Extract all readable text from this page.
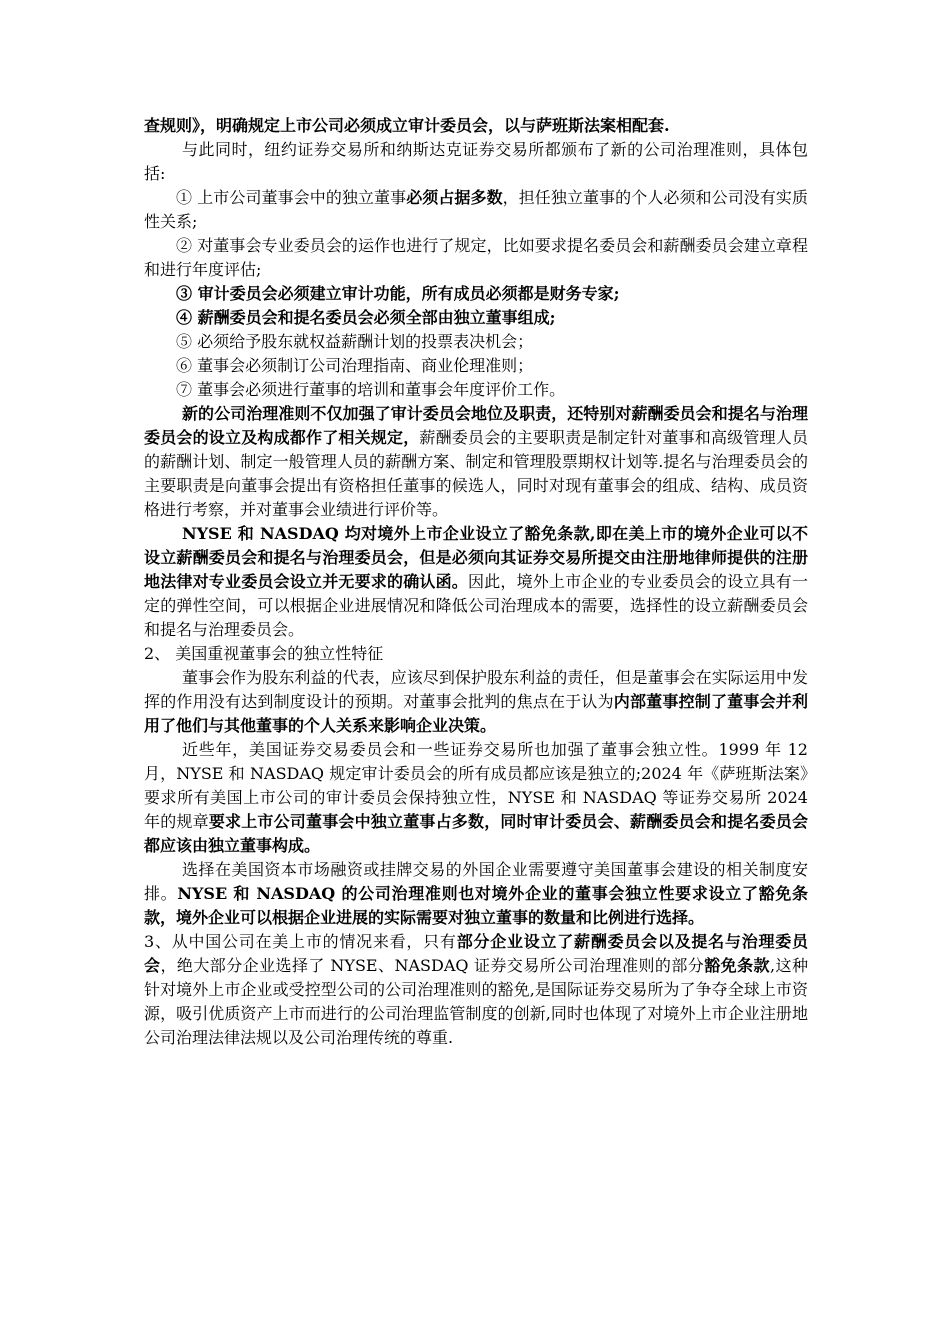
查规则》，明确规定上市公司必须成立审计委员会，以与萨班斯法案相配套.

与此同时，纽约证券交易所和纳斯达克证券交易所都颁布了新的公司治理准则，具体包括:

① 上市公司董事会中的独立董事必须占据多数，担任独立董事的个人必须和公司没有实质性关系;

② 对董事会专业委员会的运作也进行了规定，比如要求提名委员会和薪酬委员会建立章程和进行年度评估;

③ 审计委员会必须建立审计功能，所有成员必须都是财务专家;

④ 薪酬委员会和提名委员会必须全部由独立董事组成;

⑤ 必须给予股东就权益薪酬计划的投票表决机会；

⑥ 董事会必须制订公司治理指南、商业伦理准则；

⑦ 董事会必须进行董事的培训和董事会年度评价工作。

新的公司治理准则不仅加强了审计委员会地位及职责，还特别对薪酬委员会和提名与治理委员会的设立及构成都作了相关规定，薪酬委员会的主要职责是制定针对董事和高级管理人员的薪酬计划、制定一般管理人员的薪酬方案、制定和管理股票期权计划等.提名与治理委员会的主要职责是向董事会提出有资格担任董事的候选人，同时对现有董事会的组成、结构、成员资格进行考察，并对董事会业绩进行评价等。

NYSE 和 NASDAQ 均对境外上市企业设立了豁免条款,即在美上市的境外企业可以不设立薪酬委员会和提名与治理委员会，但是必须向其证券交易所提交由注册地律师提供的注册地法律对专业委员会设立并无要求的确认函。因此，境外上市企业的专业委员会的设立具有一定的弹性空间，可以根据企业进展情况和降低公司治理成本的需要，选择性的设立薪酬委员会和提名与治理委员会。

2、 美国重视董事会的独立性特征

董事会作为股东利益的代表，应该尽到保护股东利益的责任，但是董事会在实际运用中发挥的作用没有达到制度设计的预期。对董事会批判的焦点在于认为内部董事控制了董事会并利用了他们与其他董事的个人关系来影响企业决策。

近些年，美国证券交易委员会和一些证券交易所也加强了董事会独立性。1999 年 12 月，NYSE 和 NASDAQ 规定审计委员会的所有成员都应该是独立的;2024 年《萨班斯法案》要求所有美国上市公司的审计委员会保持独立性，NYSE 和 NASDAQ 等证券交易所 2024 年的规章要求上市公司董事会中独立董事占多数，同时审计委员会、薪酬委员会和提名委员会都应该由独立董事构成。

选择在美国资本市场融资或挂牌交易的外国企业需要遵守美国董事会建设的相关制度安排。NYSE 和 NASDAQ 的公司治理准则也对境外企业的董事会独立性要求设立了豁免条款，境外企业可以根据企业进展的实际需要对独立董事的数量和比例进行选择。

3、从中国公司在美上市的情况来看，只有部分企业设立了薪酬委员会以及提名与治理委员会，绝大部分企业选择了 NYSE、NASDAQ 证券交易所公司治理准则的部分豁免条款,这种针对境外上市企业或受控型公司的公司治理准则的豁免,是国际证券交易所为了争夺全球上市资源，吸引优质资产上市而进行的公司治理监管制度的创新,同时也体现了对境外上市企业注册地公司治理法律法规以及公司治理传统的尊重.
